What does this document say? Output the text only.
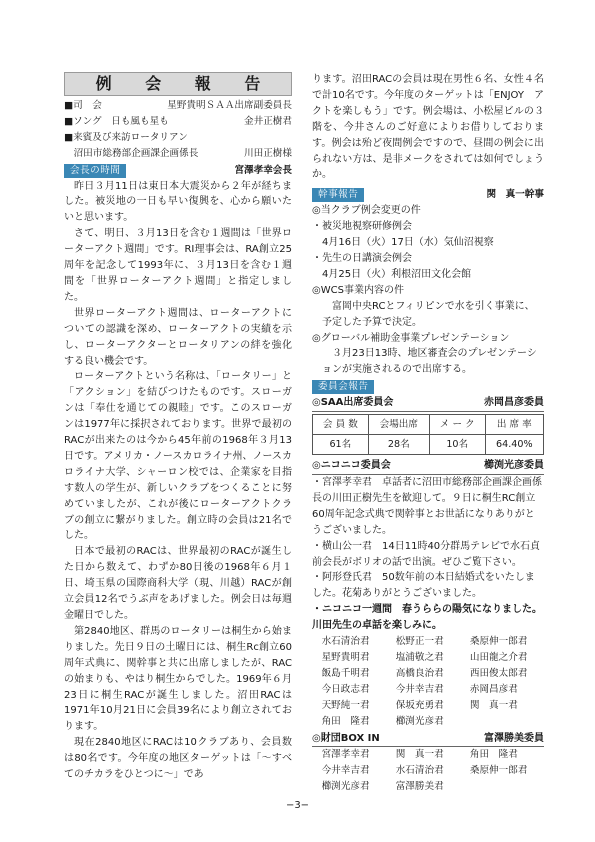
例 会 報 告
■司　会	星野貴明ＳＡＡ出席副委員長
■ソング　日も風も星も	金井正樹君
■来賓及び来訪ロータリアン
　沼田市総務部企画課企画係長	川田正樹様
会長の時間	宮澤孝幸会長

昨日３月11日は東日本大震災から２年が経ちました。被災地の一日も早い復興を、心から願いたいと思います。

さて、明日、３月13日を含む１週間は「世界ローターアクト週間」です。RI理事会は、RA創立25周年を記念して1993年に、３月13日を含む１週間を「世界ローターアクト週間」と指定しました。

世界ローターアクト週間は、ローターアクトについての認識を深め、ローターアクトの実績を示し、ローターアクターとロータリアンの絆を強化する良い機会です。

ローターアクトという名称は、「ロータリー」と「アクション」を結びつけたものです。スローガンは「奉仕を通じての親睦」です。このスローガンは1977年に採択されております。世界で最初のRACが出来たのは今から45年前の1968年３月13日です。アメリカ・ノースカロライナ州、ノースカロライナ大学、シャーロン校では、企業家を目指す数人の学生が、新しいクラブをつくることに努めていましたが、これが後にローターアクトクラブの創立に繋がりました。創立時の会員は21名でした。

日本で最初のRACは、世界最初のRACが誕生した日から数えて、わずか80日後の1968年６月１日、埼玉県の国際商科大学（現、川越）RACが創立会員12名でうぶ声をあげました。例会日は毎週金曜日でした。

第2840地区、群馬のロータリーは桐生から始まりました。先日９日の土曜日には、桐生Rc創立60周年式典に、関幹事と共に出席しましたが、RACの始まりも、やはり桐生からでした。1969年６月23日に桐生RACが誕生しました。沼田RACは1971年10月21日に会員39名により創立されております。

現在2840地区にRACは10クラブあり、会員数は80名です。今年度の地区ターゲットは「～すべてのチカラをひとつに～」であ

ります。沼田RACの会員は現在男性６名、女性４名で計10名です。今年度のターゲットは「ENJOY　アクトを楽しもう」です。例会場は、小松屋ビルの３階を、今井さんのご好意によりお借りしております。例会は殆ど夜間例会ですので、昼間の例会に出られない方は、是非メークをされては如何でしょうか。

幹事報告	関　真一幹事
◎当クラブ例会変更の件
・被災地視察研修例会
　4月16日（火）17日（水）気仙沼視察
・先生の日講演会例会
　4月25日（火）利根沼田文化会館
◎WCS事業内容の件
　富岡中央RCとフィリピンで水を引く事業に、予定した予算で決定。
◎グローバル補助金事業プレゼンテーション
　３月23日13時、地区審査会のプレゼンテーションが実施されるので出席する。
委員会報告
◎SAA出席委員会	赤岡昌彦委員
会 員 数	会場出席	メ ー ク	出 席 率
61名	28名	10名	64.40%
◎ニコニコ委員会	櫛渕光彦委員
・宮澤孝幸君　卓話者に沼田市総務部企画課企画係長の川田正樹先生を歓迎して。９日に桐生RC創立60周年記念式典で関幹事とお世話になりありがとうございました。
・横山公一君　14日11時40分群馬テレビで水石貞前会長がボリオの話で出演。ぜひご覧下さい。
・阿形登氏君　50数年前の本日結婚式をいたしました。花菊ありがとうございました。
・ニコニコ一週間　春うららの陽気になりました。川田先生の卓話を楽しみに。
水石清治君	松野正一君	桑原伸一郎君
星野貴明君	塩浦敬之君	山田龍之介君
飯島千明君	高橋良治君	西田俊太郎君
今日政志君	今井幸吉君	赤岡昌彦君
天野純一君	保坂充勇君	関　真一君
角田　隆君	櫛渕光彦君
◎財団BOX IN	富澤勝美委員
宮澤孝幸君	関　真一君	角田　隆君
今井幸吉君	水石清治君	桑原伸一郎君
櫛渕光彦君	富澤勝美君
−3−
